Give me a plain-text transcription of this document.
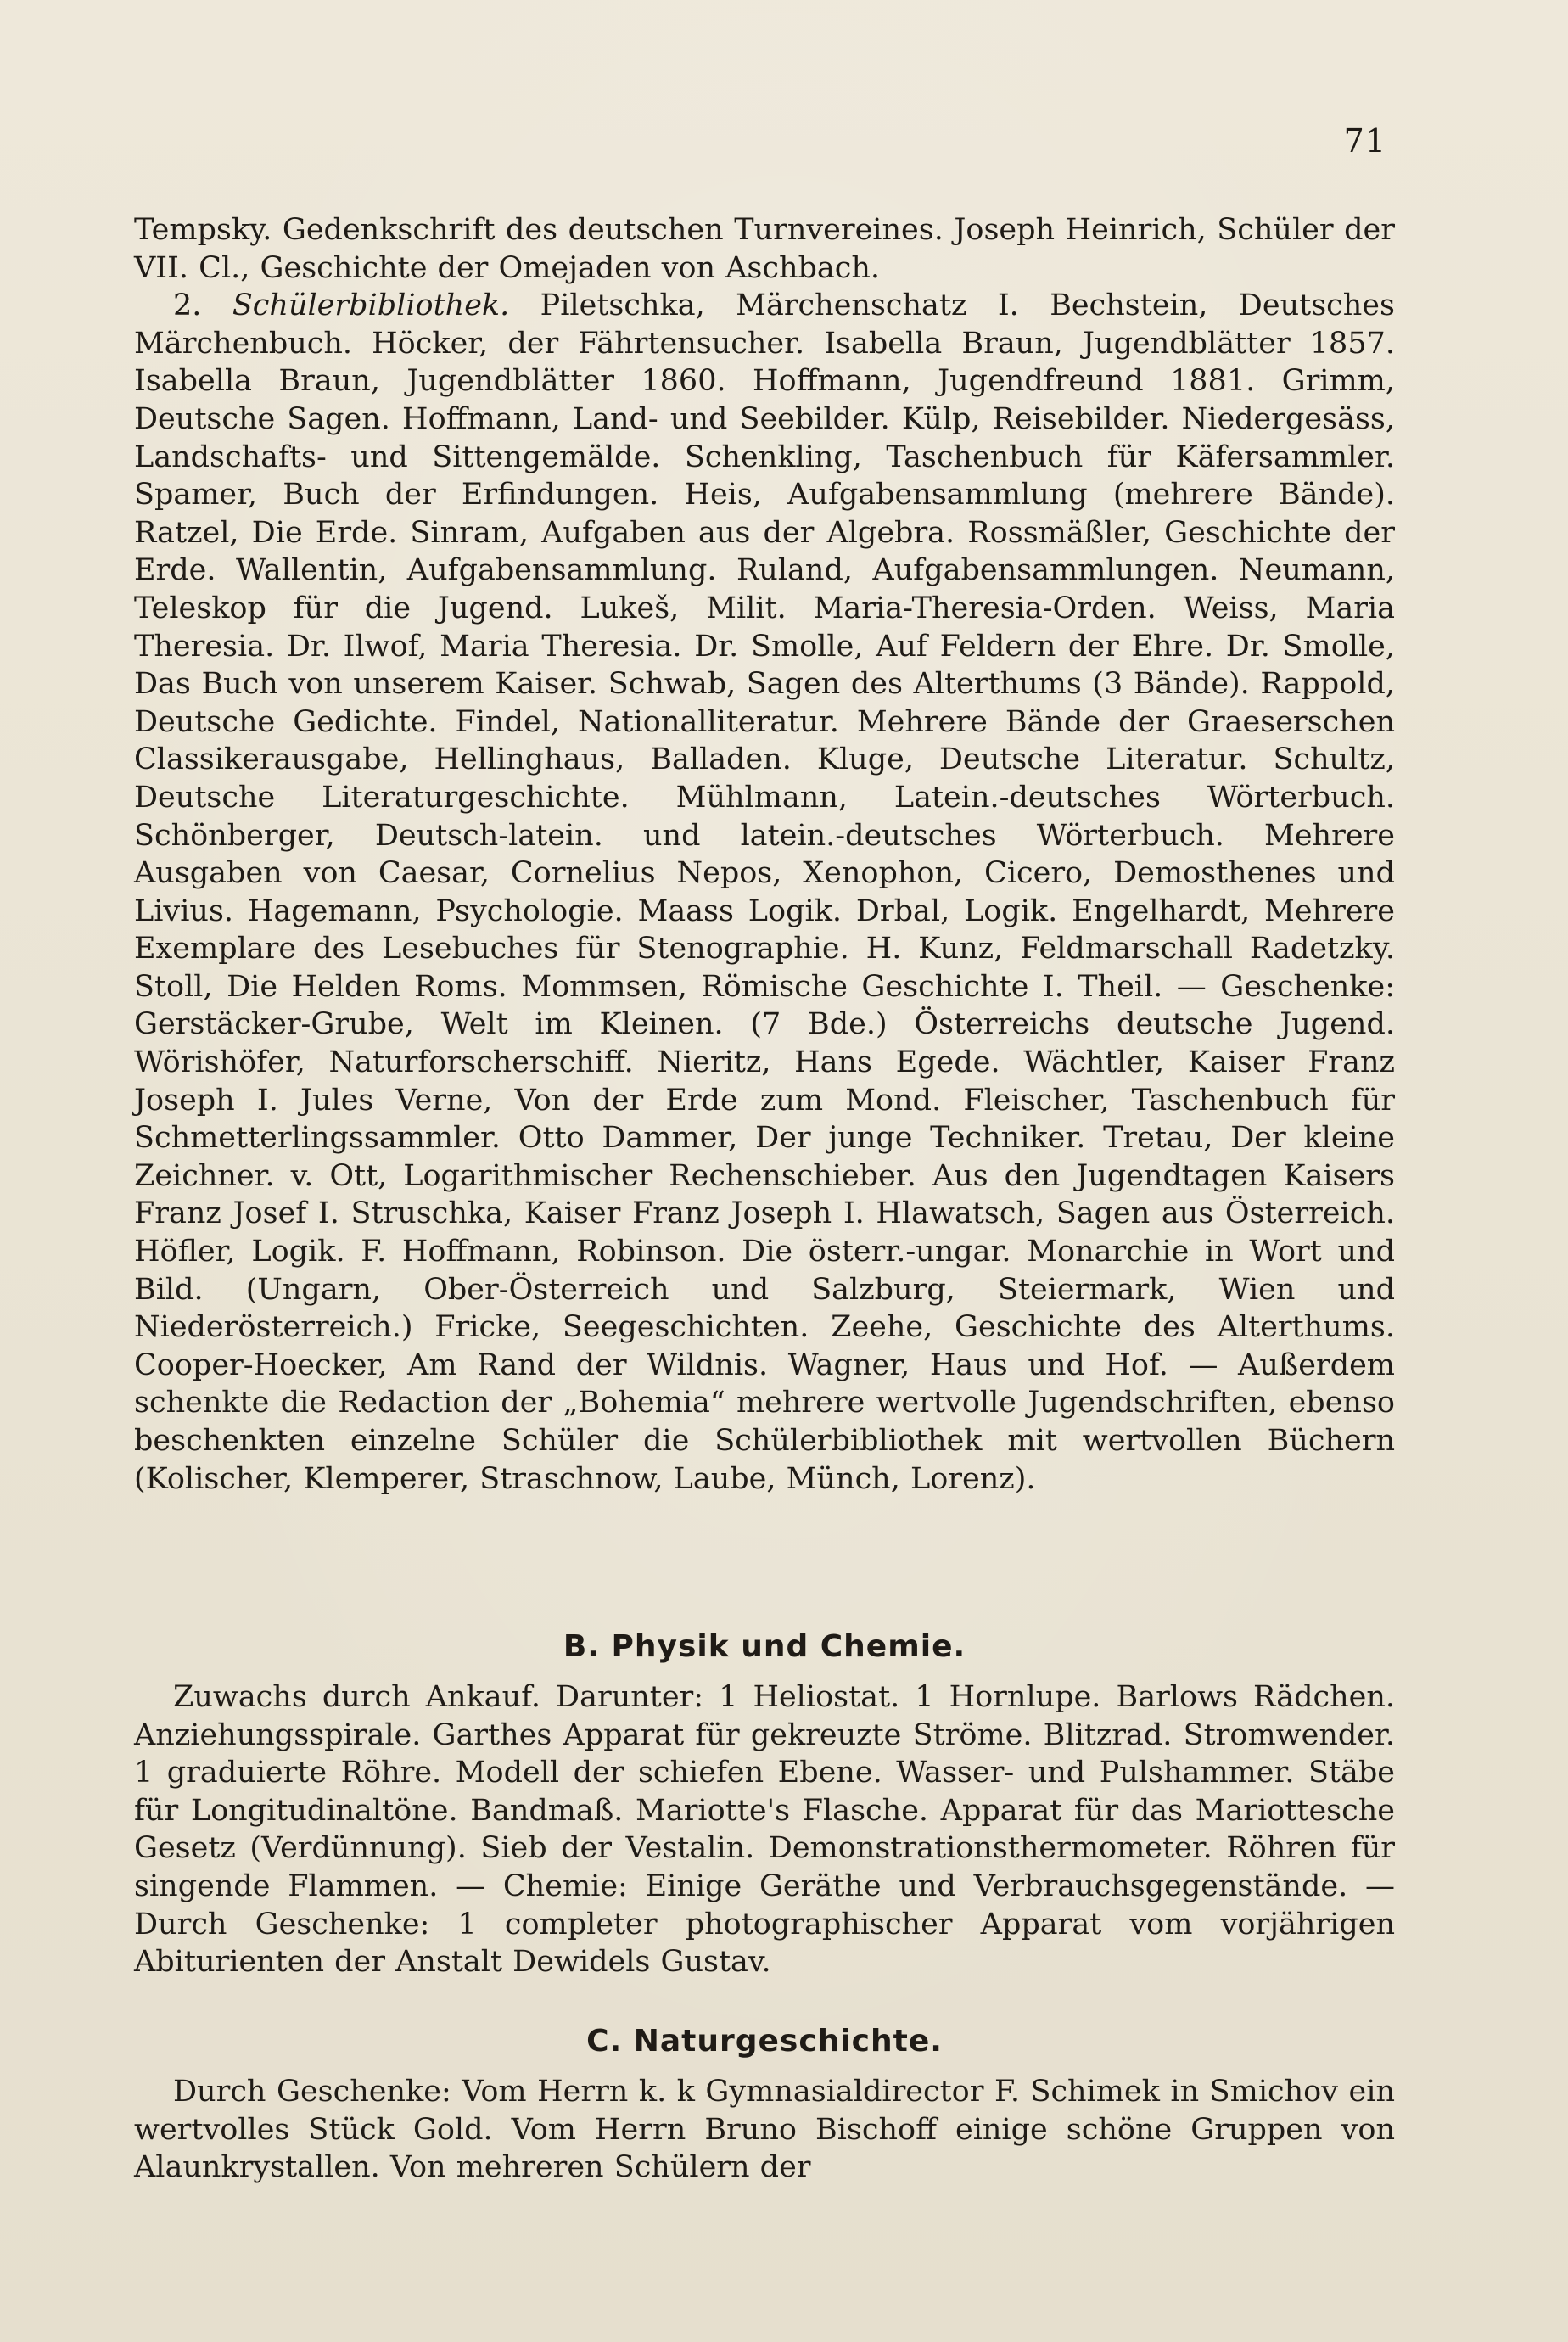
71

Tempsky. Gedenkschrift des deutschen Turnvereines. Joseph Heinrich, Schüler der VII. Cl., Geschichte der Omejaden von Aschbach.

2. Schülerbibliothek. Piletschka, Märchenschatz I. Bechstein, Deutsches Märchenbuch. Höcker, der Fährtensucher. Isabella Braun, Jugendblätter 1857. Isabella Braun, Jugendblätter 1860. Hoffmann, Jugendfreund 1881. Grimm, Deutsche Sagen. Hoffmann, Land- und Seebilder. Külp, Reisebilder. Niedergesäss, Landschafts- und Sittengemälde. Schenkling, Taschenbuch für Käfersammler. Spamer, Buch der Erfindungen. Heis, Aufgabensammlung (mehrere Bände). Ratzel, Die Erde. Sinram, Aufgaben aus der Algebra. Rossmäßler, Geschichte der Erde. Wallentin, Aufgabensammlung. Ruland, Aufgabensammlungen. Neumann, Teleskop für die Jugend. Lukeš, Milit. Maria-Theresia-Orden. Weiss, Maria Theresia. Dr. Ilwof, Maria Theresia. Dr. Smolle, Auf Feldern der Ehre. Dr. Smolle, Das Buch von unserem Kaiser. Schwab, Sagen des Alterthums (3 Bände). Rappold, Deutsche Gedichte. Findel, Nationalliteratur. Mehrere Bände der Graeserschen Classikerausgabe, Hellinghaus, Balladen. Kluge, Deutsche Literatur. Schultz, Deutsche Literaturgeschichte. Mühlmann, Latein.-deutsches Wörterbuch. Schönberger, Deutsch-latein. und latein.-deutsches Wörterbuch. Mehrere Ausgaben von Caesar, Cornelius Nepos, Xenophon, Cicero, Demosthenes und Livius. Hagemann, Psychologie. Maass Logik. Drbal, Logik. Engelhardt, Mehrere Exemplare des Lesebuches für Stenographie. H. Kunz, Feldmarschall Radetzky. Stoll, Die Helden Roms. Mommsen, Römische Geschichte I. Theil. — Geschenke: Gerstäcker-Grube, Welt im Kleinen. (7 Bde.) Österreichs deutsche Jugend. Wörishöfer, Naturforscherschiff. Nieritz, Hans Egede. Wächtler, Kaiser Franz Joseph I. Jules Verne, Von der Erde zum Mond. Fleischer, Taschenbuch für Schmetterlingssammler. Otto Dammer, Der junge Techniker. Tretau, Der kleine Zeichner. v. Ott, Logarithmischer Rechenschieber. Aus den Jugendtagen Kaisers Franz Josef I. Struschka, Kaiser Franz Joseph I. Hlawatsch, Sagen aus Österreich. Höfler, Logik. F. Hoffmann, Robinson. Die österr.-ungar. Monarchie in Wort und Bild. (Ungarn, Ober-Österreich und Salzburg, Steiermark, Wien und Niederösterreich.) Fricke, Seegeschichten. Zeehe, Geschichte des Alterthums. Cooper-Hoecker, Am Rand der Wildnis. Wagner, Haus und Hof. — Außerdem schenkte die Redaction der „Bohemia“ mehrere wertvolle Jugendschriften, ebenso beschenkten einzelne Schüler die Schülerbibliothek mit wertvollen Büchern (Kolischer, Klemperer, Straschnow, Laube, Münch, Lorenz).

B. Physik und Chemie.

Zuwachs durch Ankauf. Darunter: 1 Heliostat. 1 Hornlupe. Barlows Rädchen. Anziehungsspirale. Garthes Apparat für gekreuzte Ströme. Blitzrad. Stromwender. 1 graduierte Röhre. Modell der schiefen Ebene. Wasser- und Pulshammer. Stäbe für Longitudinaltöne. Bandmaß. Mariotte's Flasche. Apparat für das Mariottesche Gesetz (Verdünnung). Sieb der Vestalin. Demonstrationsthermometer. Röhren für singende Flammen. — Chemie: Einige Geräthe und Verbrauchsgegenstände. — Durch Geschenke: 1 completer photographischer Apparat vom vorjährigen Abiturienten der Anstalt Dewidels Gustav.

C. Naturgeschichte.

Durch Geschenke: Vom Herrn k. k Gymnasialdirector F. Schimek in Smichov ein wertvolles Stück Gold. Vom Herrn Bruno Bischoff einige schöne Gruppen von Alaunkrystallen. Von mehreren Schülern der
